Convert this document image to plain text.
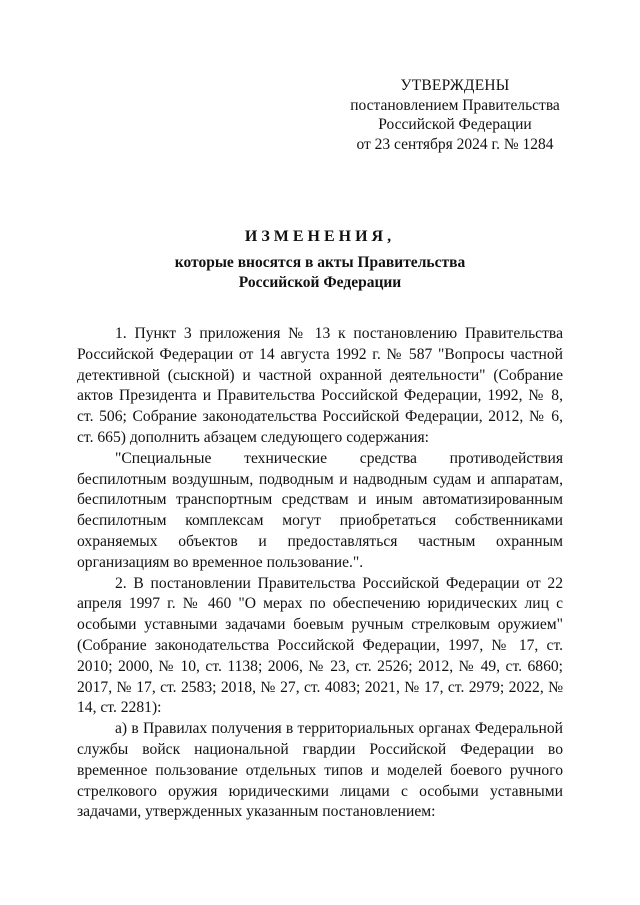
УТВЕРЖДЕНЫ
постановлением Правительства
Российской Федерации
от 23 сентября 2024 г. № 1284
ИЗМЕНЕНИЯ,
которые вносятся в акты Правительства
Российской Федерации

1. Пункт 3 приложения № 13 к постановлению Правительства Российской Федерации от 14 августа 1992 г. № 587 "Вопросы частной детективной (сыскной) и частной охранной деятельности" (Собрание актов Президента и Правительства Российской Федерации, 1992, № 8, ст. 506; Собрание законодательства Российской Федерации, 2012, № 6, ст. 665) дополнить абзацем следующего содержания:

"Специальные технические средства противодействия беспилотным воздушным, подводным и надводным судам и аппаратам, беспилотным транспортным средствам и иным автоматизированным беспилотным комплексам могут приобретаться собственниками охраняемых объектов и предоставляться частным охранным организациям во временное пользование.".

2. В постановлении Правительства Российской Федерации от 22 апреля 1997 г. № 460 "О мерах по обеспечению юридических лиц с особыми уставными задачами боевым ручным стрелковым оружием" (Собрание законодательства Российской Федерации, 1997, № 17, ст. 2010; 2000, № 10, ст. 1138; 2006, № 23, ст. 2526; 2012, № 49, ст. 6860; 2017, № 17, ст. 2583; 2018, № 27, ст. 4083; 2021, № 17, ст. 2979; 2022, № 14, ст. 2281):

а) в Правилах получения в территориальных органах Федеральной службы войск национальной гвардии Российской Федерации во временное пользование отдельных типов и моделей боевого ручного стрелкового оружия юридическими лицами с особыми уставными задачами, утвержденных указанным постановлением:
